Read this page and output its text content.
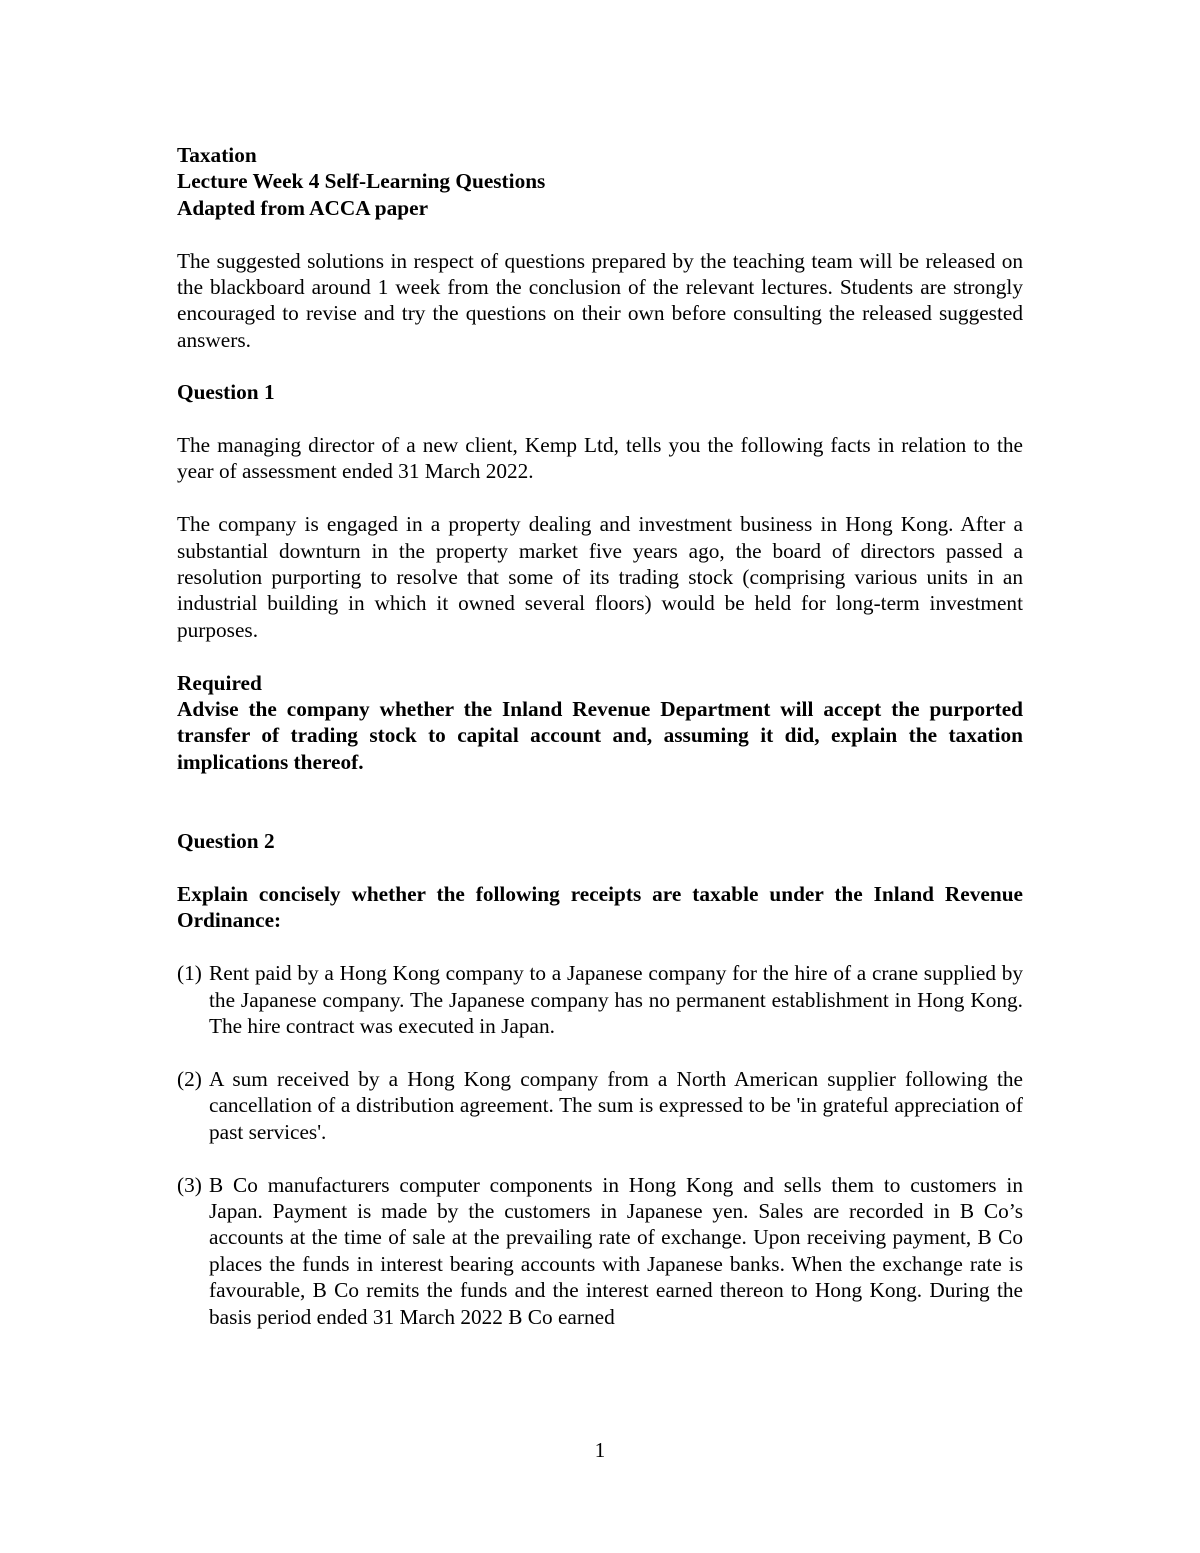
Taxation

Lecture Week 4 Self-Learning Questions

Adapted from ACCA paper

The suggested solutions in respect of questions prepared by the teaching team will be released on the blackboard around 1 week from the conclusion of the relevant lectures. Students are strongly encouraged to revise and try the questions on their own before consulting the released suggested answers.

Question 1

The managing director of a new client, Kemp Ltd, tells you the following facts in relation to the year of assessment ended 31 March 2022.

The company is engaged in a property dealing and investment business in Hong Kong. After a substantial downturn in the property market five years ago, the board of directors passed a resolution purporting to resolve that some of its trading stock (comprising various units in an industrial building in which it owned several floors) would be held for long-term investment purposes.

Required

Advise the company whether the Inland Revenue Department will accept the purported transfer of trading stock to capital account and, assuming it did, explain the taxation implications thereof.

Question 2

Explain concisely whether the following receipts are taxable under the Inland Revenue Ordinance:

(1) Rent paid by a Hong Kong company to a Japanese company for the hire of a crane supplied by the Japanese company. The Japanese company has no permanent establishment in Hong Kong. The hire contract was executed in Japan.
(2) A sum received by a Hong Kong company from a North American supplier following the cancellation of a distribution agreement. The sum is expressed to be 'in grateful appreciation of past services'.
(3) B Co manufacturers computer components in Hong Kong and sells them to customers in Japan. Payment is made by the customers in Japanese yen. Sales are recorded in B Co’s accounts at the time of sale at the prevailing rate of exchange. Upon receiving payment, B Co places the funds in interest bearing accounts with Japanese banks. When the exchange rate is favourable, B Co remits the funds and the interest earned thereon to Hong Kong. During the basis period ended 31 March 2022 B Co earned
1
